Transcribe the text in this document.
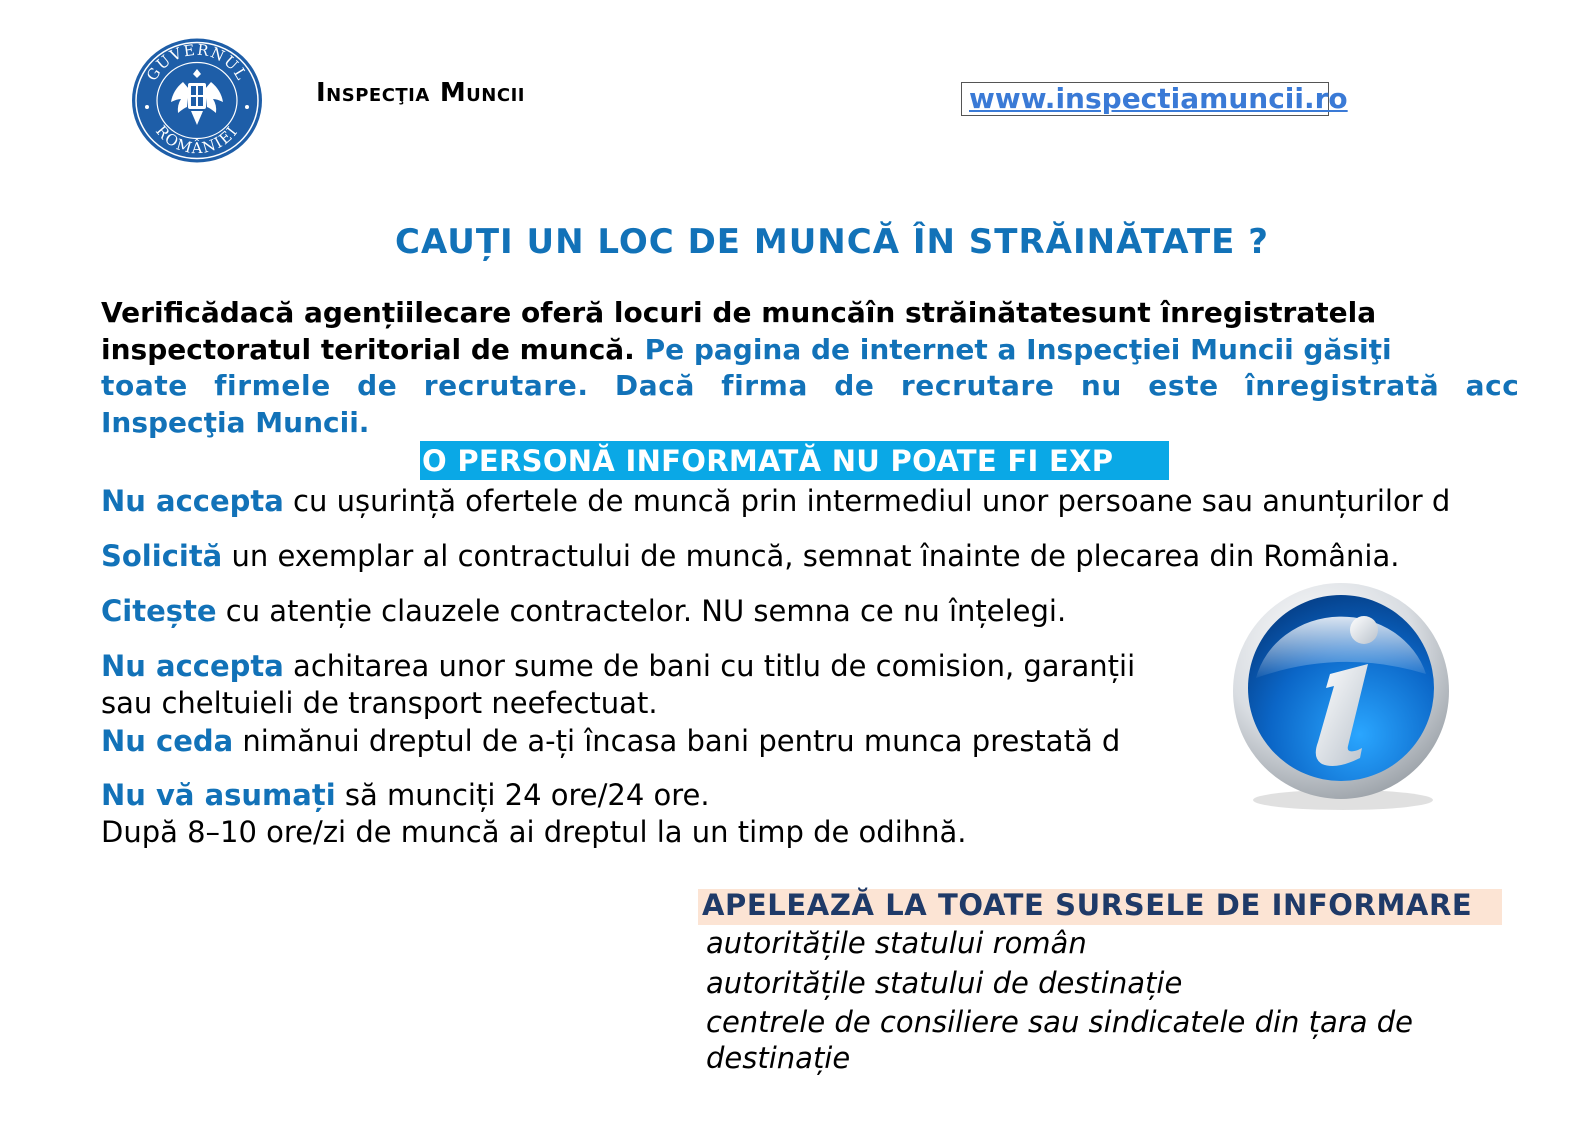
GUVERNUL
ROMÂNIEI
Inspecţia Muncii	www.inspectiamuncii.ro
CAUȚI UN LOC DE MUNCĂ ÎN STRĂINĂTATE ?
Verificădacă agențiilecare oferă locuri de muncăîn străinătatesunt înregistratela
inspectoratul teritorial de muncă. Pe pagina de internet a Inspecţiei Muncii găsiţi
toate firmele de recrutare. Dacă firma de recrutare nu este înregistrată acc
Inspecţia Muncii.
O PERSONĂ INFORMATĂ NU POATE FI EXP
Nu accepta cu ușurință ofertele de muncă prin intermediul unor persoane sau anunțurilor d
Solicită un exemplar al contractului de muncă, semnat înainte de plecarea din România.
Citește cu atenție clauzele contractelor. NU semna ce nu înțelegi.
Nu accepta achitarea unor sume de bani cu titlu de comision, garanții
sau cheltuieli de transport neefectuat.
Nu ceda nimănui dreptul de a-ți încasa bani pentru munca prestată d
Nu vă asumați să munciți 24 ore/24 ore.
După 8–10 ore/zi de muncă ai dreptul la un timp de odihnă.
APELEAZĂ LA TOATE SURSELE DE INFORMARE
autoritățile statului român
autoritățile statului de destinație
centrele de consiliere sau sindicatele din țara de
destinație
